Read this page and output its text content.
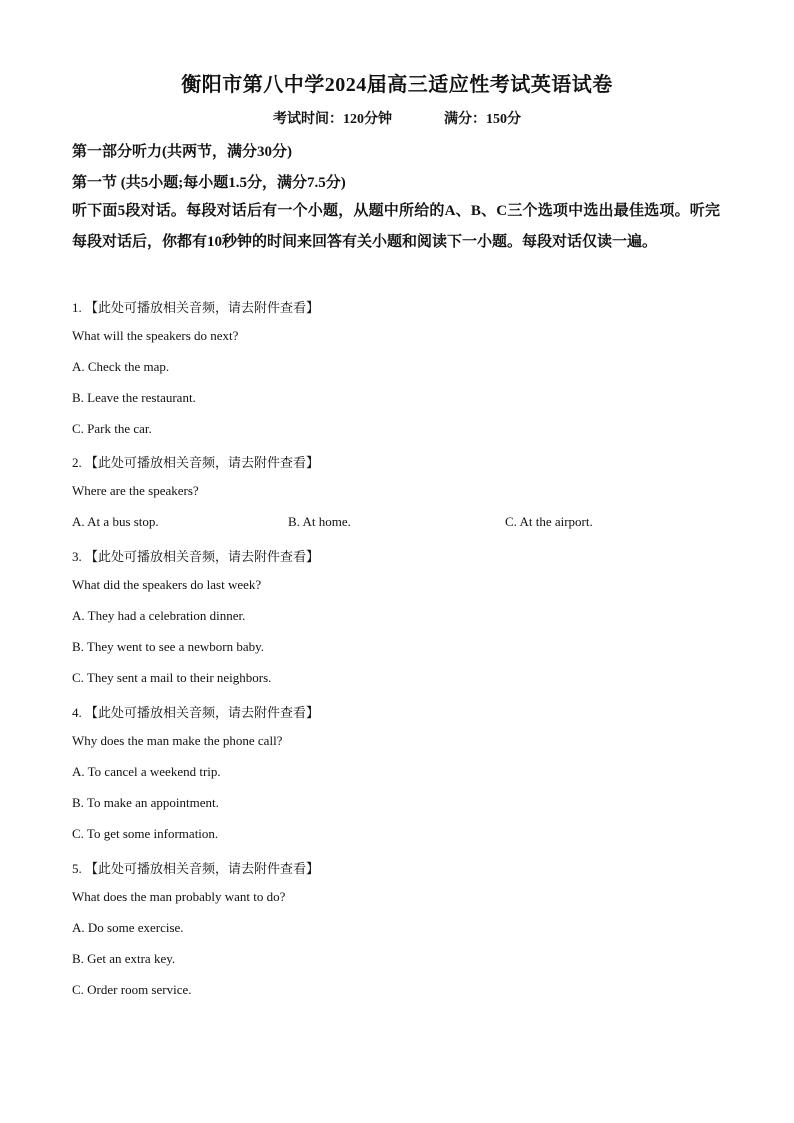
衡阳市第八中学2024届高三适应性考试英语试卷
考试时间：120分钟	满分：150分
第一部分听力(共两节，满分30分)
第一节 (共5小题;每小题1.5分，满分7.5分)
听下面5段对话。每段对话后有一个小题，从题中所给的A、B、C三个选项中选出最佳选项。听完每段对话后，你都有10秒钟的时间来回答有关小题和阅读下一小题。每段对话仅读一遍。
1. 【此处可播放相关音频，请去附件查看】
What will the speakers do next?
A. Check the map.
B. Leave the restaurant.
C. Park the car.
2. 【此处可播放相关音频，请去附件查看】
Where are the speakers?
A. At a bus stop.	B. At home.	C. At the airport.
3. 【此处可播放相关音频，请去附件查看】
What did the speakers do last week?
A. They had a celebration dinner.
B. They went to see a newborn baby.
C. They sent a mail to their neighbors.
4. 【此处可播放相关音频，请去附件查看】
Why does the man make the phone call?
A. To cancel a weekend trip.
B. To make an appointment.
C. To get some information.
5. 【此处可播放相关音频，请去附件查看】
What does the man probably want to do?
A. Do some exercise.
B. Get an extra key.
C. Order room service.
